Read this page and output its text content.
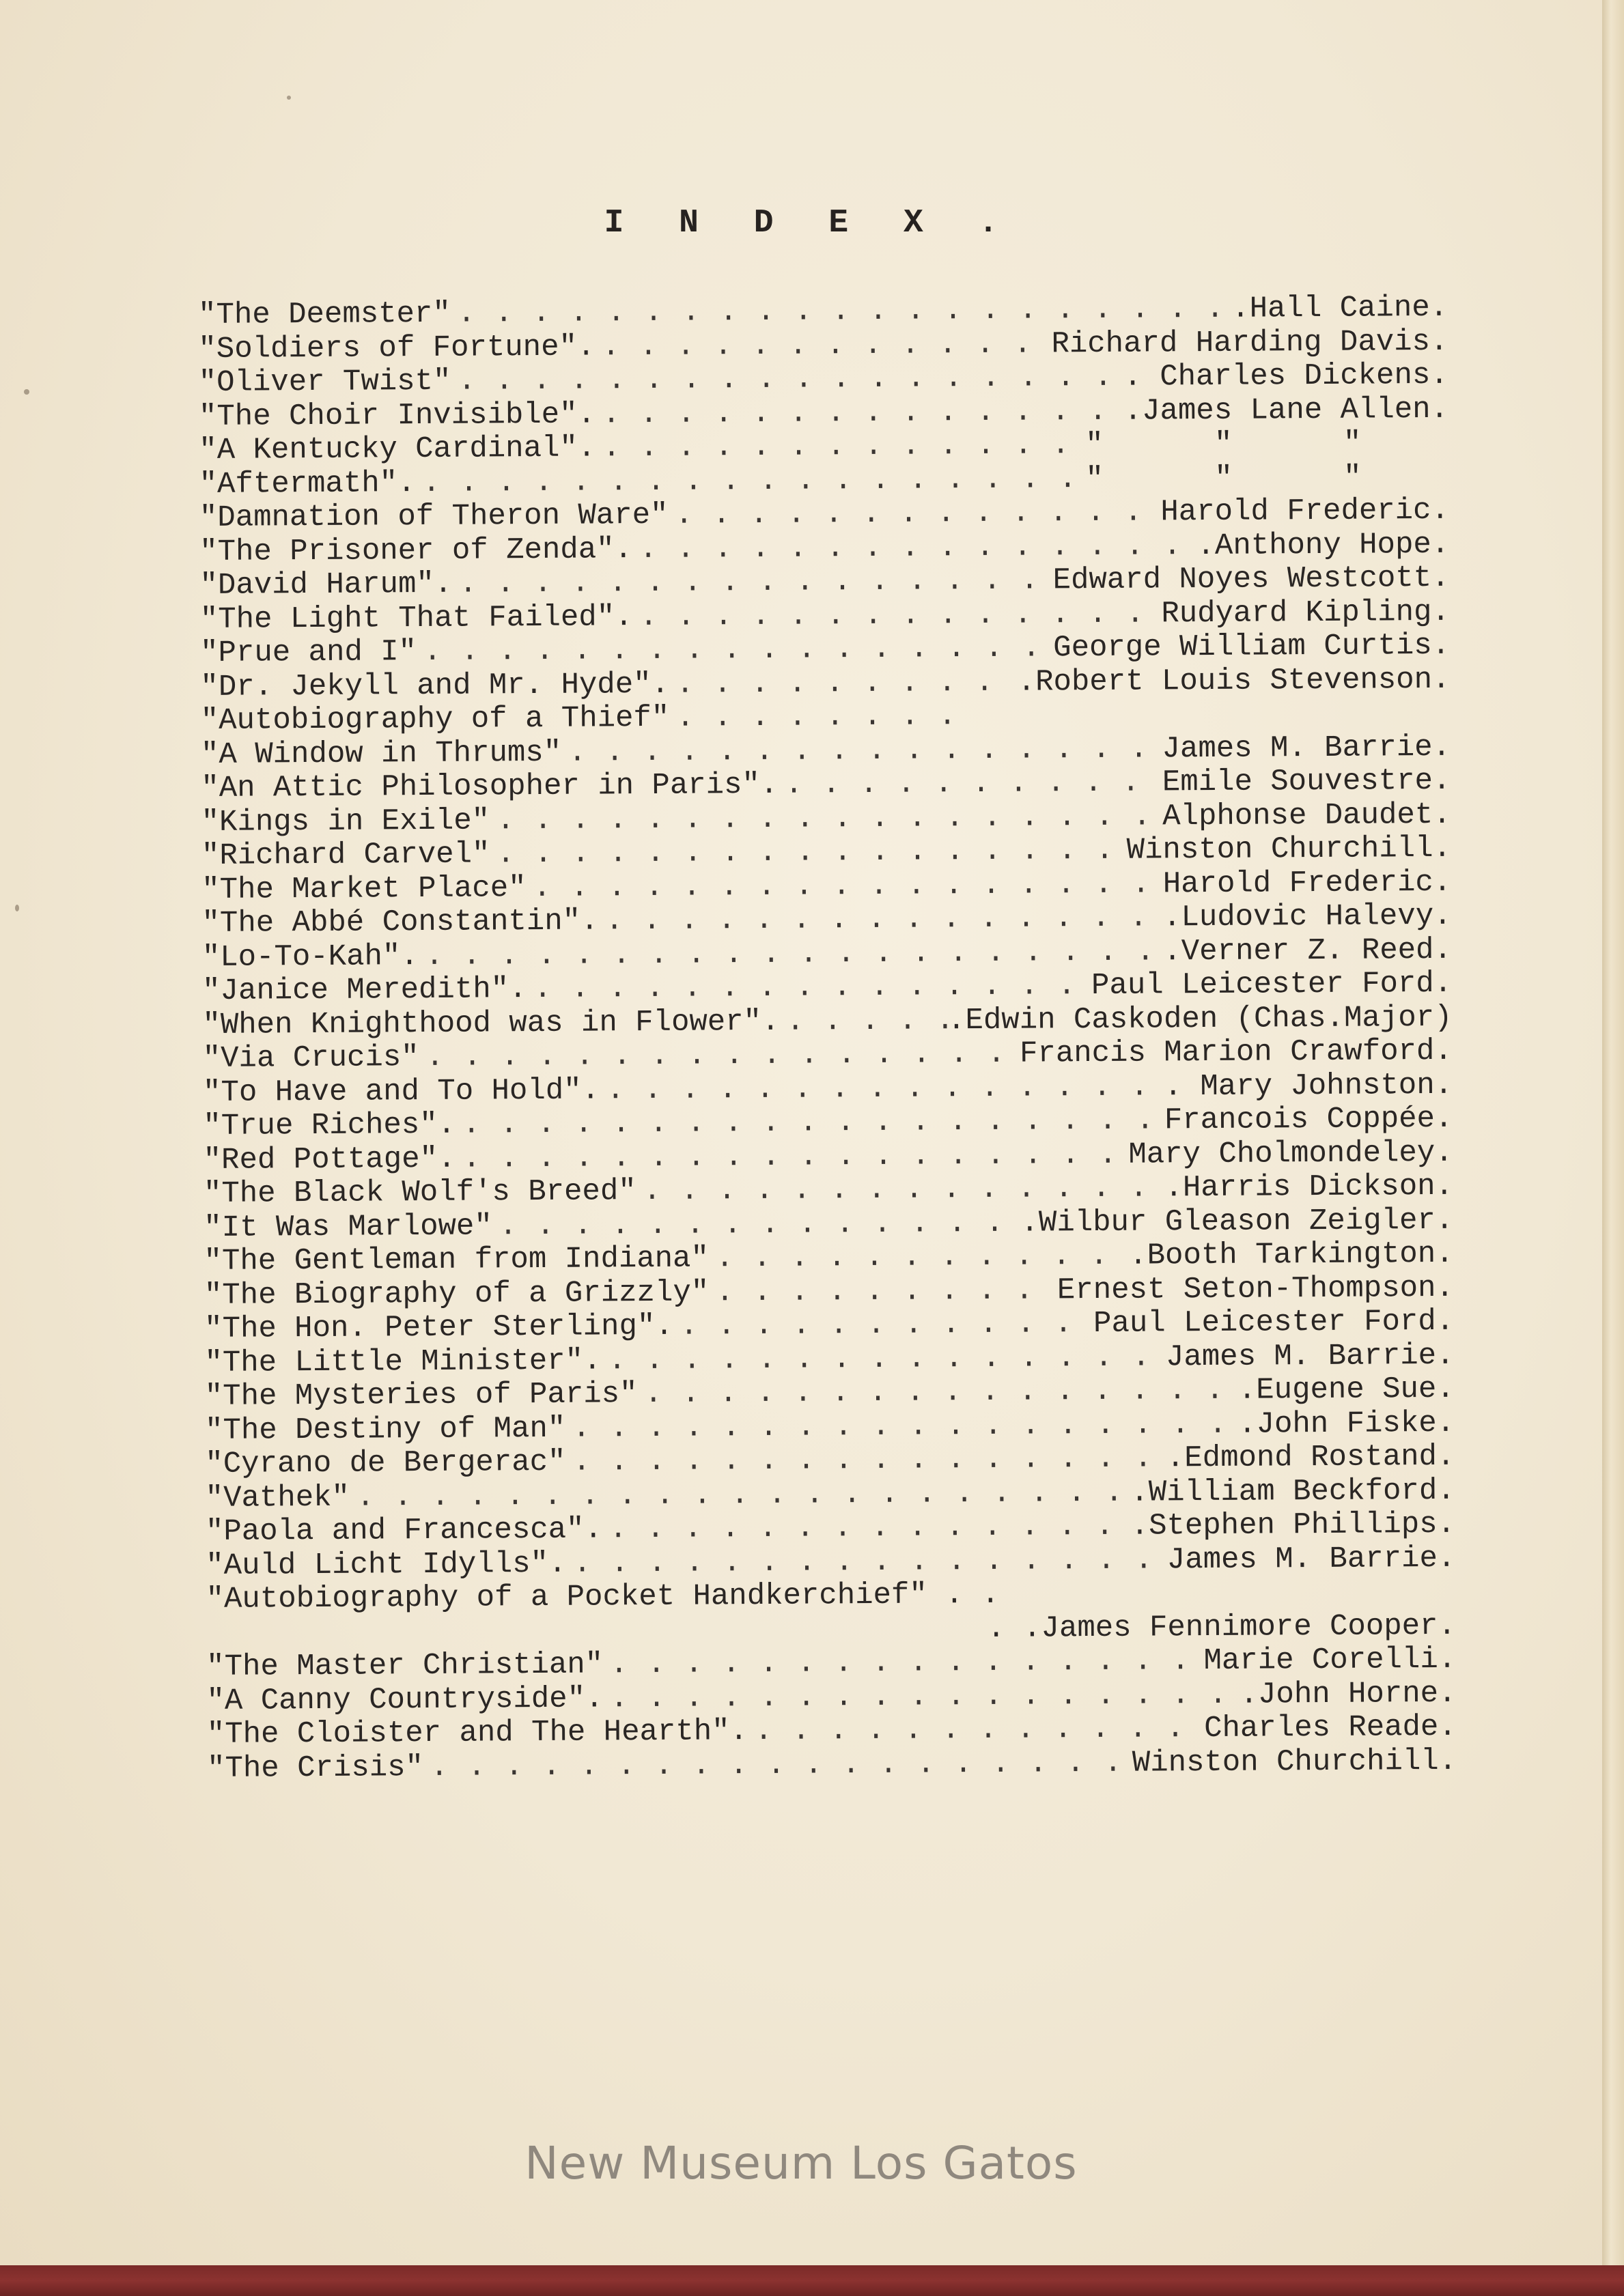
I N D E X .
"The Deemster" . . .	.Hall Caine.
"Soldiers of Fortune". . . .	Richard Harding Davis.
"Oliver Twist" . . .	. Charles Dickens.
"The Choir Invisible". . . .	.James Lane Allen.
"A Kentucky Cardinal". . . .	" " "
"Aftermath". . . .	" " "
"Damnation of Theron Ware" . . .	Harold Frederic.
"The Prisoner of Zenda". . . .	.Anthony Hope.
"David Harum". . . .	Edward Noyes Westcott.
"The Light That Failed". . . .	Rudyard Kipling.
"Prue and I" . . .	George William Curtis.
"Dr. Jekyll and Mr. Hyde". . . .	.Robert Louis Stevenson.
"Autobiography of a Thief"
. . .
"A Window in Thrums" . . .	James M. Barrie.
"An Attic Philosopher in Paris". . . .	Emile Souvestre.
"Kings in Exile" . . .	Alphonse Daudet.
"Richard Carvel" . . .	Winston Churchill.
"The Market Place" . . .	Harold Frederic.
"The Abbé Constantin". . . .	.Ludovic Halevy.
"Lo-To-Kah". . . .	.Verner Z. Reed.
"Janice Meredith". . . .	Paul Leicester Ford.
"When Knighthood was in Flower". . . .	.Edwin Caskoden (Chas.Major)
"Via Crucis" . . .	Francis Marion Crawford.
"To Have and To Hold". . . .	. Mary Johnston.
"True Riches". . . .	Francois Coppée.
"Red Pottage". . . .	Mary Cholmondeley.
"The Black Wolf's Breed" . . .	.Harris Dickson.
"It Was Marlowe" . . .	.Wilbur Gleason Zeigler.
"The Gentleman from Indiana" . . .	.Booth Tarkington.
"The Biography of a Grizzly" . . .	Ernest Seton-Thompson.
"The Hon. Peter Sterling". . . .	Paul Leicester Ford.
"The Little Minister". . . .	James M. Barrie.
"The Mysteries of Paris" . . .	.Eugene Sue.
"The Destiny of Man" . . .	.John Fiske.
"Cyrano de Bergerac" . . .	.Edmond Rostand.
"Vathek" . . .	.William Beckford.
"Paola and Francesca". . . .	.Stephen Phillips.
"Auld Licht Idylls". . . .	James M. Barrie.
"Autobiography of a Pocket Handkerchief" . .
. .James Fennimore Cooper.
"The Master Christian" . . .	Marie Corelli.
"A Canny Countryside". . . .	.John Horne.
"The Cloister and The Hearth". . . .	Charles Reade.
"The Crisis" . . .	Winston Churchill.
New Museum Los Gatos
